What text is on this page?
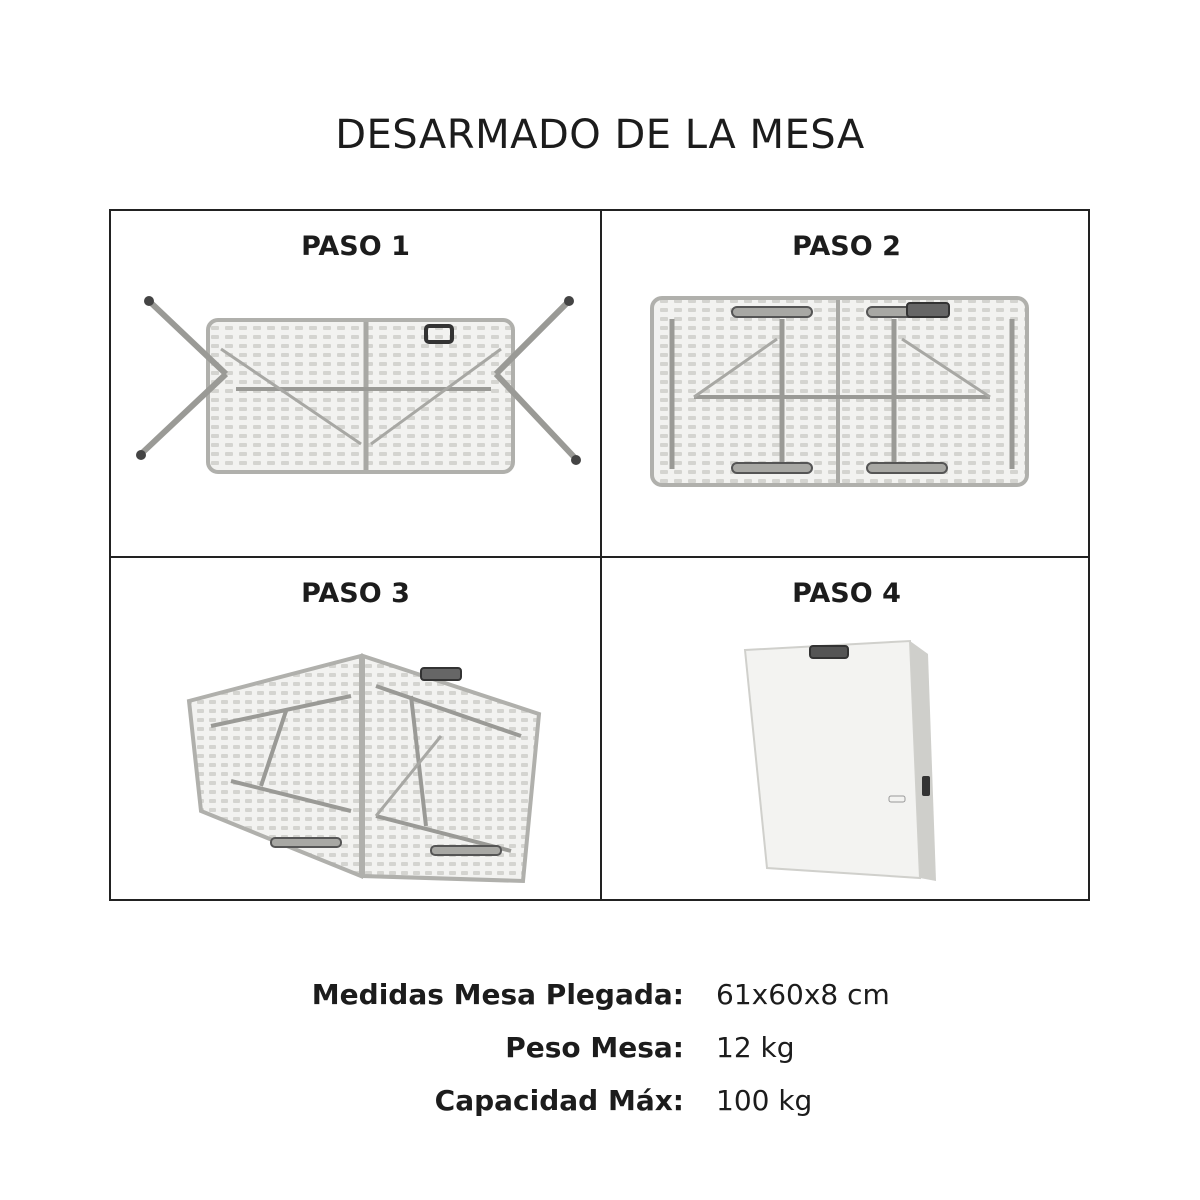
DESARMADO DE LA MESA
PASO 1	PASO 2
PASO 3	PASO 4
Medidas Mesa Plegada: 61x60x8 cm
Peso Mesa: 12 kg
Capacidad Máx: 100 kg
